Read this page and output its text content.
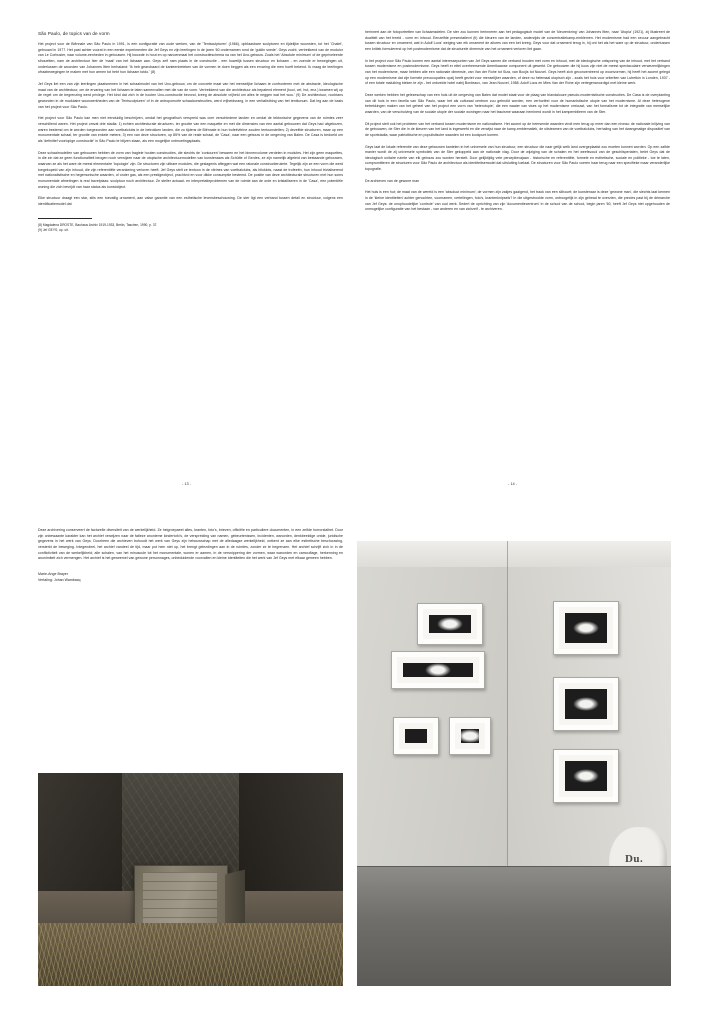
São Paulo, de topics van de vorm

Het project voor de Biënnale van São Paulo in 1991, is een configuratie van oude werken, van de 'Tentsculpturen' (1966), opblaasbare sculpturen en tijdelijke woonsten, tot het 'Chalet', gebouwd in 1977. Het past achter voorat in een eerste experimenten die Jef Geys en zijn leerlingen in de jaren '60 ondernamen rond de 'guldin snede'. Geys zocht, vertrekkend van de modulor van Le Corbusier, naar volume-eenheden in gebouwen. Hij bouwde in hout en op nanoenmaal het constructieschema na van het Uno-gebouw. Zoals het 'Absolute minimum' of de gepriveleerde sihouetten, nam de architectuur hier de 'maat' van het lichaam aan. Geys zelf nam plaats in de constructie - een huwelijk tussen structuur en lichaam - en zoende er bewegingen uit, onderlussen de woonden van Johannes Itten herhaland: 'Ik heb gearobaard de kanteenbeteken van de vormen te doen beggen als een ervaring die men hoeft bekend. Ik vraag de leerlingen ofraabewegingen te maken met hun armen tot hebt hun lichaam totdo.' (8)

Jef Geys liet een van zijn leerlingen plaatsnemen in het schaalmodel van het Uno-gebouw, om de concrete maat van het menselijke lichaam te confronteren met de abstracte, ideologische maat van de architectuur, om de ervaring van het lichaam te laten samenvallen met die van de vorm. Vertrekkend van die architectuur als bepalend element (kooi, cel, hut, enz.) kwamen wij op de reget om de begrenzing werd privlege. Het kind dat zich in de houten Uno-constructie bevond, kreeg de absolute vrijheid om alles te neggen wat het wou.' (9) De architectuur, nochtans gewonden in de modulaire woonwerkheden van de 'Tentsculpturen' of in de antropomorfe schaalconstructies, werd vrijheidsrang, in een verbalisthing van het tentkonum. Dat leg aan de basis van het project voor São Paulo.

Het project voor São Paulo kan men niet eenduidig beschrijven, omdat het geografisch verspreid was over verschiedene landen en omdat de tektonische gegevens van de ruimtes zeer verschillend waren. Het project omvat drie stadia: 1) echten architecturale structuren, ter grootte van een maquette en met die dimensies van een aantal gebouwen dat Geys had uitgekozen, waren bestemd om te worden toegezonden aan voetbalclubs in de betrokken landen, die zo tijdens de Biënnale in hun trofeëvitrine zouden tentoonstellen; 2) dezelfde structuren, maar op een monumentale schaal, ter grootte van enkele meters; 3) een van deze structuren, op 85% van de reale schaal, de 'Casa', naar een gebouw in de omgeving van Balen. De Casa is bedoeld om als 'definitief voorlopige constructie' in São Paulo te blijven staan, als een mogelijke ontmoetingsplaats.

Deze schaalmodellen van gebouwen hebben de vorm van fragiele houten constructies, die slechts de 'contouren' bewaren en het binnenvolume verdelen in modules. Het zijn geen maquettes, in die zin dat ze geen functionaliteit beogen noch verwijzen naar de utopische architectuurmodellen van kunstenaars als Schütte of Gerdes, ze zijn namelijk afgeleid van bestaande gebouwen, waarvan ze als het ware de meest elementaire 'topologie' zijn. De structuren zijn uitbare modules, die geslagenis afleggen wat een ratonale constructieruimte. Tegelijk zijn ze een vorm die werd toegekopeld van zijn inhoud, die zijn referentiële verankering verloren heeft. Jef Geys stelt ze tentoon in de vitrines van voetbalclubs, als biloklots, naast de trofeeën, hun inhoud trivialiserend met nationalistische en hegemonische waarden, of onder gas, als een prestigeobject, prachtvol en voor dikke consumptie bestemd. De positie van deze architecturale structuren met hun soms monumentale afmetingen is real travelplaas: sculptuur noch architectuur. Ze steller actuaal- en interpretatieproblemen van de ruimte aan de orde en kristalliseren in de 'Casa', een potentiële woning die zich bevrijdt van haar status als kunstobject.

Elke structuur draagt een star, stils een toevallig ornament, aan valse garantie van een esthetische levensbeschouwing. De ster ligt een verband tussen detail en structuur, volgens een identificatiemodel dat

(8) Magdalena DROSTE, Bauhaus Archiv 1919-1933, Berlin, Taschen, 1990, p. 37.

(9) Jef GEYS, op. cit.

herinnert aan de fotoportretten van lichaamsdelen. De ster zou kunnen herinneren aan het pedagogisch model van de 'kleurenkring' van Johannes Itten, naar 'Utopia' (1921), zij illustreert de dualiteit van het treeld - vorm en inhoud. Eenzelfde presentatievri (ti) die kleuren van de landen, anderzijds de concentratiekamp-emblemen. Het modernisme had een ceouur aangebracht tussen structuur en ornament, wat in Adolf Loos' weiging van elk ornament de allures van een ket kreeg. Geys voor dat ornament terug in, hij ont het als het ware op de structuur, onderlussen een kritiek formulerend op het postmodernisme dat de structurele dimensie van het ornament verloren liet gaan.

In het project voor São Paulo komen een aantal interessepunten van Jef Geys samen die verband houden met vorm en inhoud, met de ideologische ontsporing van de inhoud, met het verband tussen modernisme en postmodernisme. Geys heeft er ettel overheersende Amerikaanse component uit gewerkt. De gebouwen die hij koos zijn niet de meest spectaculaire verwezenlijkingen van het modernisme, maar hebben alle een nationale dimensie, van Van der Rohe tot Siza, van Bocjis tot Nouvel. Geys heeft zich geconcentreerd op woonvormen, hij heeft het accent gelegd op een modernisme dat zijn formele preoccupaties opzij heeft geziet voor menselijker waarden, of deze nu helemaal utopisch zijn - zoals het huis voor criteriten van Lubetkin in Londen, 1937 - of een totale maluiking bieken te zijn - het onbvelde hotel nabij Bordeaux, van Jean Nouvel, 1988. Adolf Loos en Mies Van der Rohe zijn vertegenwoordigd met kleine werk.

Deze werken hebben het gelezeschap van een huis uit de omgeving van Balen dat model staat voor de plaag van blandalooze pseudo-modernistische constructies. De Casa is de overplanting van dit huis in een favella van São Paulo, waar het als culturaal centrum zou gebruikt worden, een verhoriëel voor de humanistische utopie van het modernisme. Al deze heterogene betrekkingen maken van het geheel van het project een vorm van 'heterotopie', die een waaier van vises op het modernisme omtouwt, van het formalisme tot de integratie van menselijke waarden, van de verschuiving van de sociale utopie der sociale woningen naar het fascisme waaraan heminerd wordt in het kampemblleem van de Ster.

Dit project stelt ook het probleem van het verband tussen modernisme en nationalisme. Het accent op de heersende waarden vindt men terug op meer dan een niveau: de nationale inlijving van de gebouwen, de Ster die in de kleuren van het land is ingeweefd en die verwijst naar de kamp-emblematiek, de uitsteamen van de voetbalclubs, herhaling van het dwangmatige dispositief van de sportstadia, waar patriottische en populistische waarden tot een kookpunt komen.

Geys laat de lokale referentie van deze gebouwen kantelen in het universele van hun structuur, een structuur die naar gelijk welk land overgeplaatst zou moeten kunnen worden. Op een zalfde manier wordt de zij universele symboliek van de Ster gekoppeld aan de nationale vlag. Door de wijziging van de schalen en het weefsvoud van de geschilsperiaten, belet Geys dat de ideologisch unitaire ruimte van elk gebouw zou worden herstelt. Door gelijktijdig vele percepitevajaan - historische en referentiële, formele en esthetische, sociale en politieke - toe te laten, compromitteren de structuren voor São Paulo de architectuur als identiteitsemodel dat uitsluiting toelaat. De structuren voor São Paulo voeren haar terug naar een specifieke maar veranderlijke topografie.

De archieven van de gewone man

Het huis is een hut; de maat van de wereld is een 'absoluut minimum'; de vormen zijn zakjes gaaigend, het traok van een silhouet; de kunstenaar is deze 'gewone man', die slechts laat kennen in de 'kleine identiteiten' achter genochten, voornamen, vertellingen, foto's, krantenknipsels? In die uitgestrookte vorm, ontroogelijk in zijn gehead te overzien, die precies past bij de démarche van Jef Geys: de onophoudelijke 'controle' van oud werk. Sedert de oprichting van zijn 'documentiecentrum' in de school van de school, begin jaren '60, heeft Jef Geys niet opgehouden de onmogelijke configuratie van het bestaan - van anderen en van zichzelf - te archiveren.

- 13 -	- 14 -

Deze archivering conserveert de facturelle diversiteit van de werkelijkheid. Ze heigroepaeet alles, kranten, foto's, brieven, officiële en particuliere documenten, in een zelfde horrorstalhet. Door zijn onbewaante karakter kan het archief verwijzen naar de fatleze anonieme kindertofo's, de verspreiding van namen, gebeurtenissen, incidenten, wanorden, denkbeeldige ontde, juridische gegevens in het werk van Geys. Doorheen die archieven bohoudt het werk van Geys zijn hebouwschap met de alledaagse werkelijkheid, ontkent ze aan elke esthetische beschouwing, versterkt de beweging. Integendeel, het archief vandeel de tijd, maar pot hem niet op, het brengt gelezdingen aan in de ruimtes, zonder ze te begrenzen. Het archief schrijft zich in in de conflictiviteit van de werkelijkheid; alle schalen, van het minuscule tot het monumentale, wonen er aamen, in de versnippering der vormen, waar wanorden en camouflage, herkenning en anonimiteit zich vermengen. Het archief is het geweemel van gewone personnages, onbeduidende voorvallen en kleine identiteiten die het werk van Jef Geys met elkaar gemeen hebben.

Marie-Ange Brayer

Vertaling: Johan Wambacq

Du.
